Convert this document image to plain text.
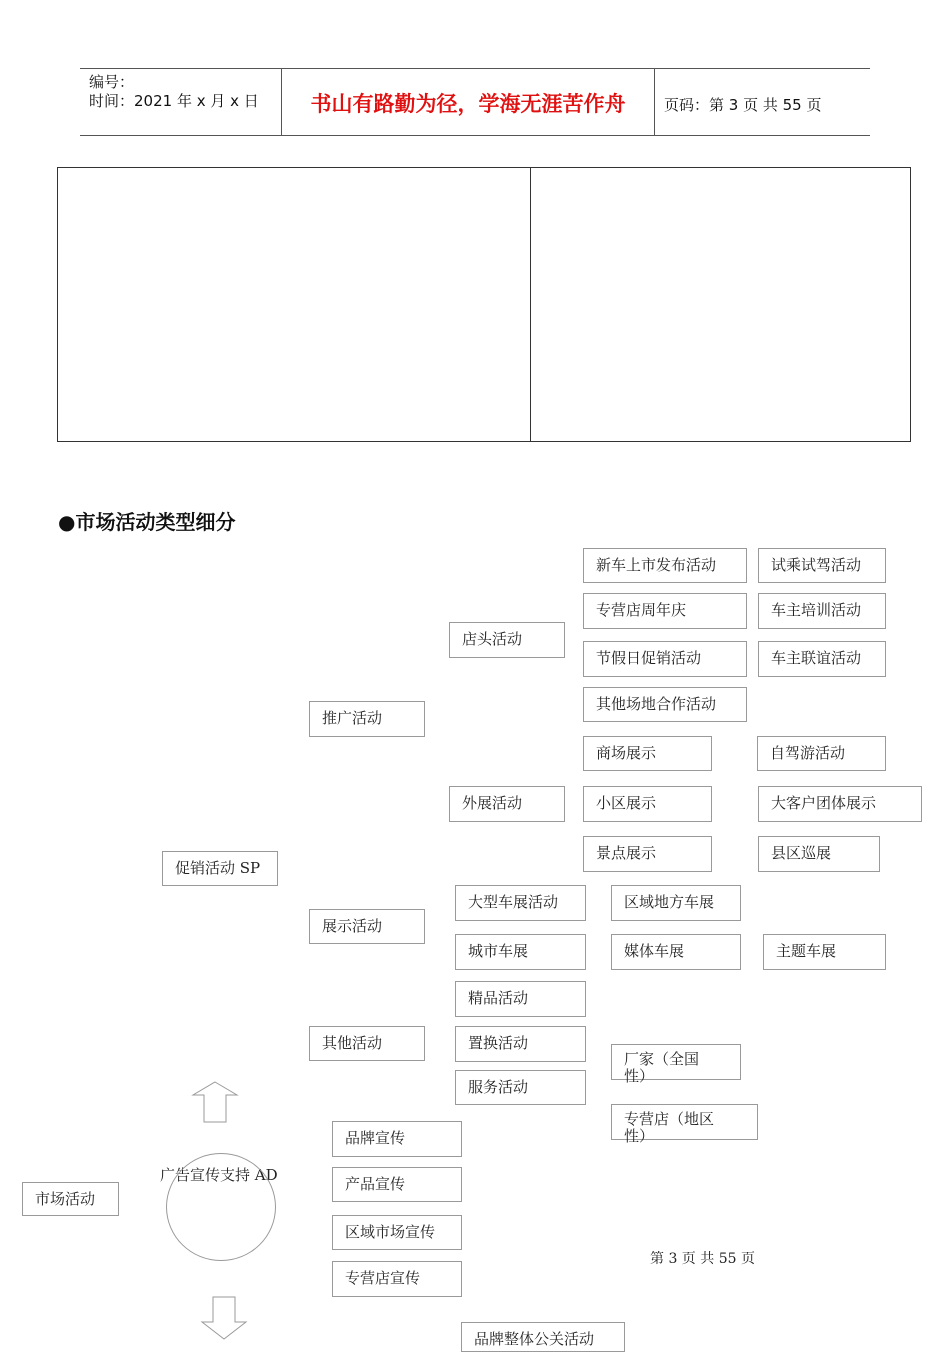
编号：
时间：2021 年 x 月 x 日	书山有路勤为径，学海无涯苦作舟	页码：第 3 页 共 55 页
●市场活动类型细分
市场活动
促销活动 SP
广告宣传支持 AD
推广活动
展示活动
其他活动
店头活动
外展活动
新车上市发布活动	试乘试驾活动
专营店周年庆	车主培训活动
节假日促销活动	车主联谊活动
其他场地合作活动
商场展示	自驾游活动
小区展示	大客户团体展示
景点展示	县区巡展
大型车展活动	区域地方车展
城市车展	媒体车展	主题车展
精品活动
置换活动
服务活动
厂家（全国性）
专营店（地区性）
品牌宣传
产品宣传
区域市场宣传
专营店宣传
品牌整体公关活动
第 3 页 共 55 页
